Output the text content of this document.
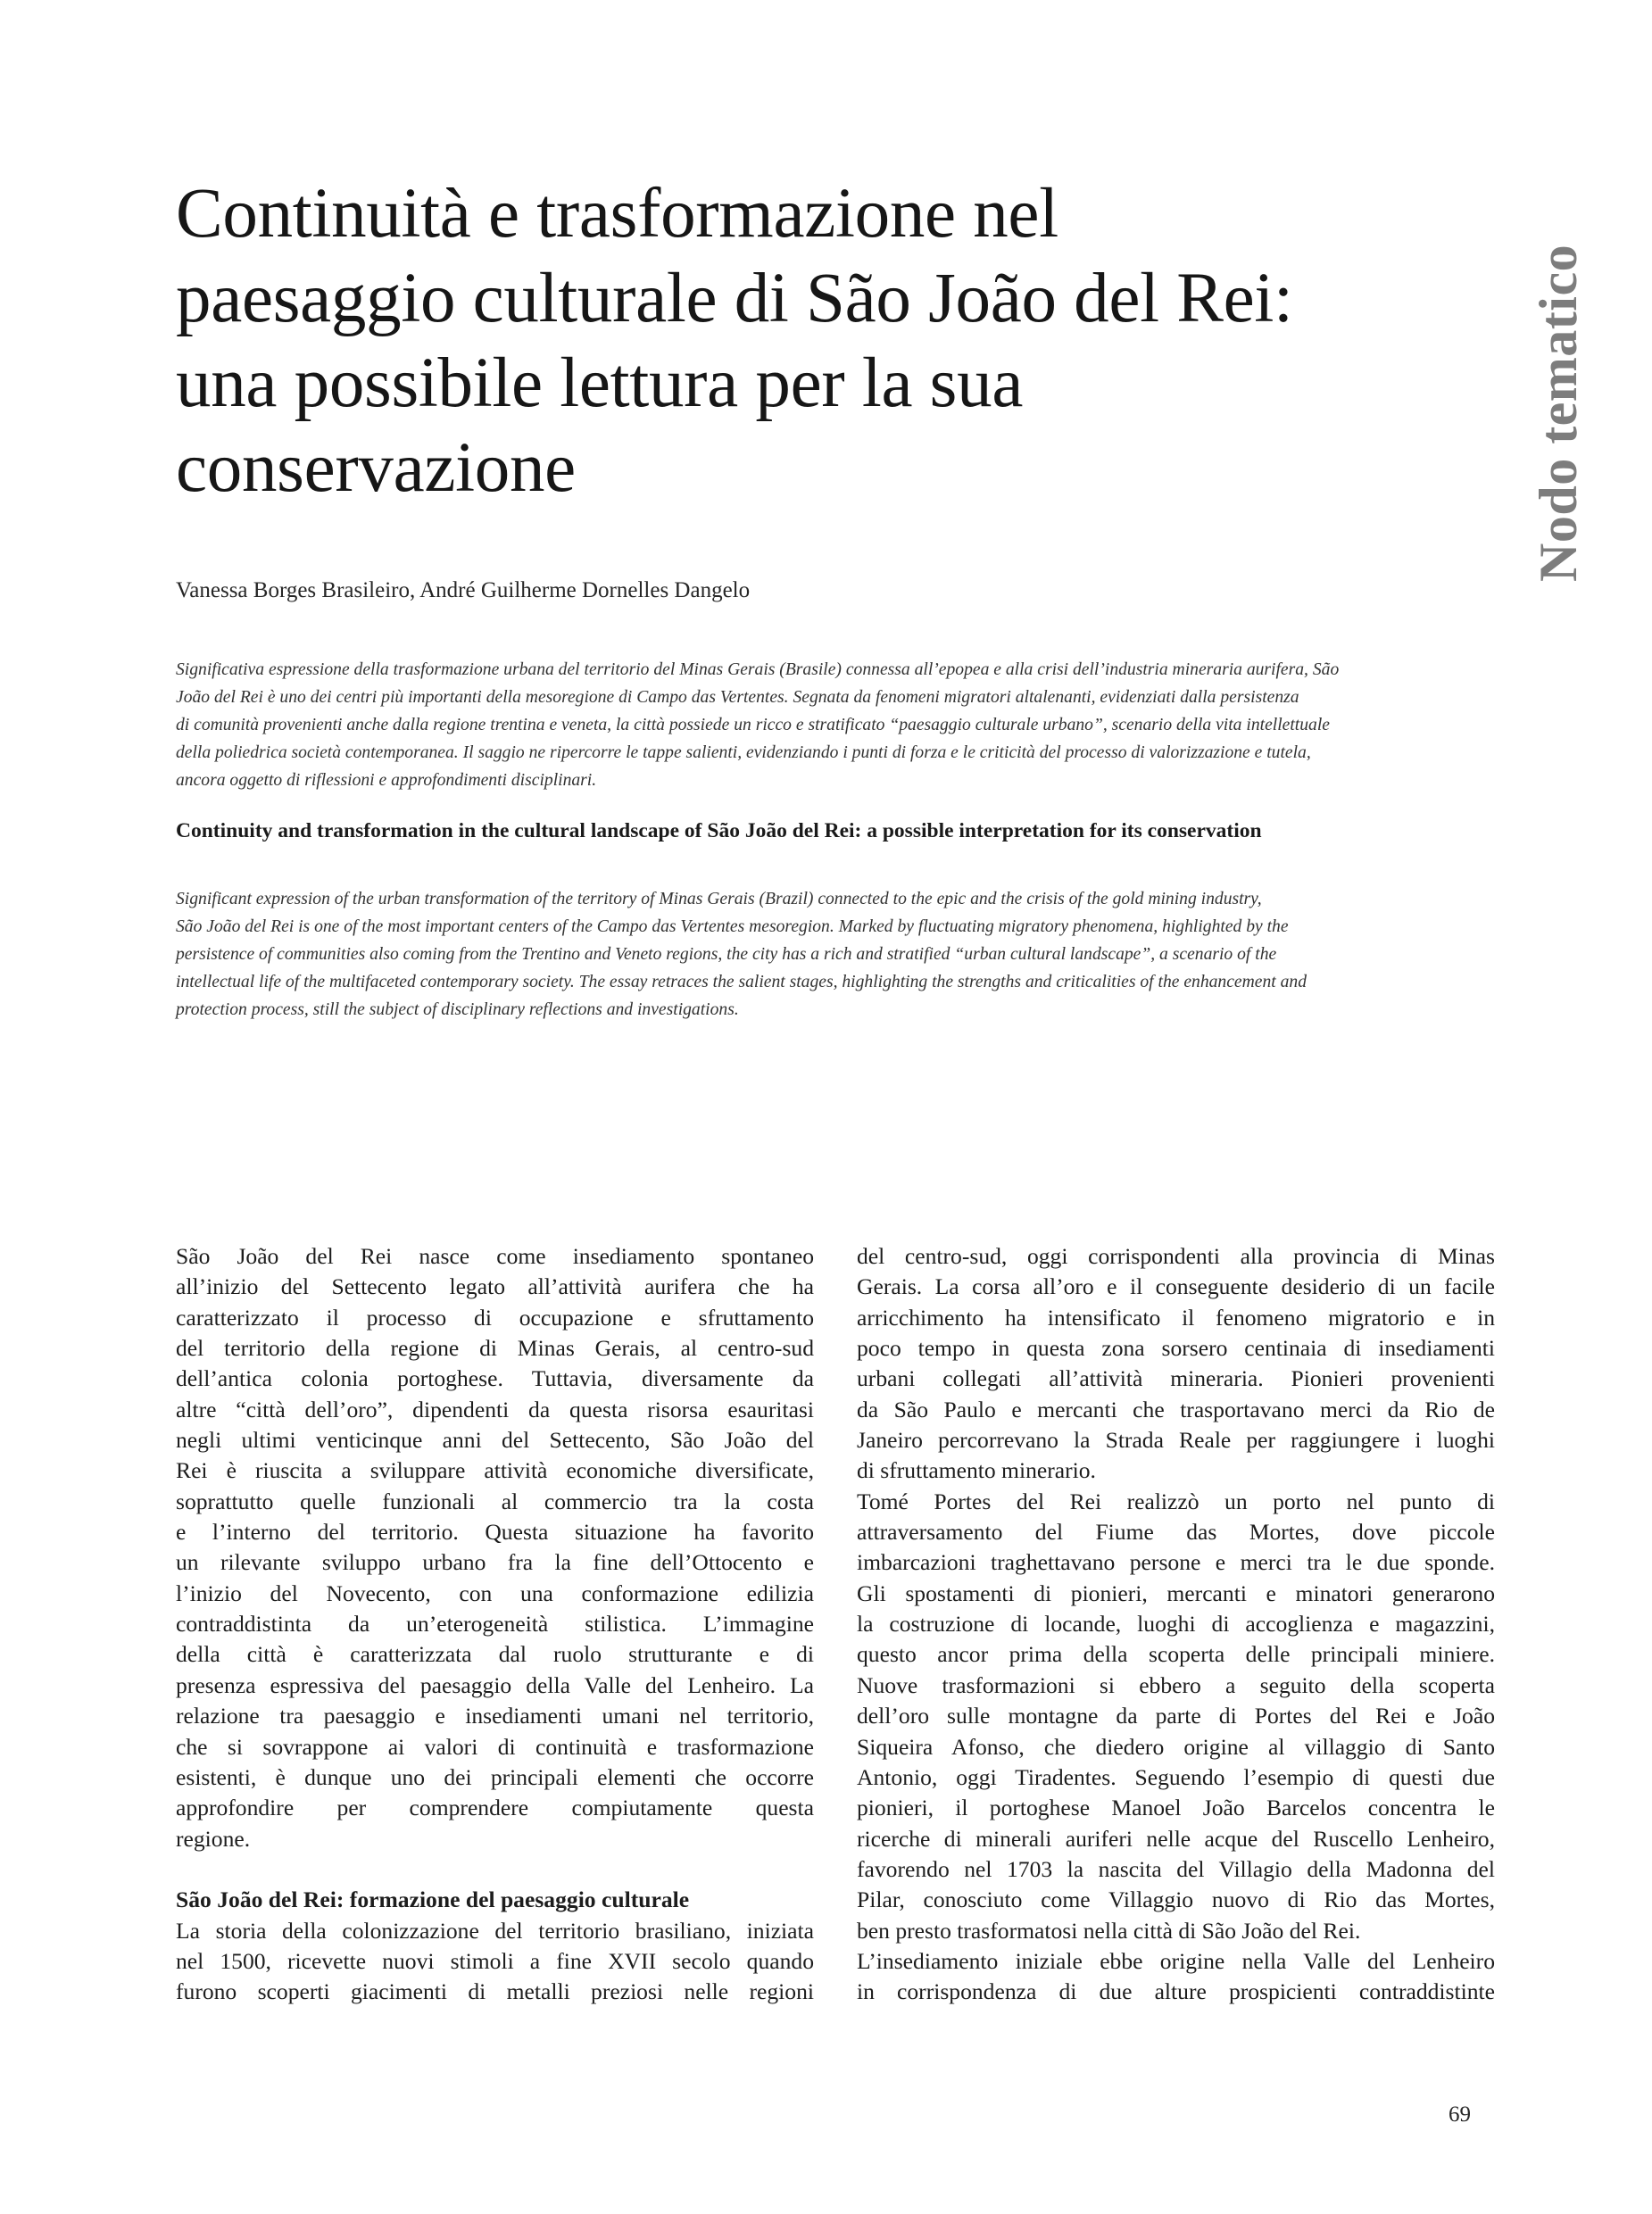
Continuità e trasformazione nel
paesaggio culturale di São João del Rei:
una possibile lettura per la sua
conservazione	Nodo tematico
Vanessa Borges Brasileiro, André Guilherme Dornelles Dangelo
Significativa espressione della trasformazione urbana del territorio del Minas Gerais (Brasile) connessa all’epopea e alla crisi dell’industria mineraria aurifera, São
João del Rei è uno dei centri più importanti della mesoregione di Campo das Vertentes. Segnata da fenomeni migratori altalenanti, evidenziati dalla persistenza
di comunità provenienti anche dalla regione trentina e veneta, la città possiede un ricco e stratificato “paesaggio culturale urbano”, scenario della vita intellettuale
della poliedrica società contemporanea. Il saggio ne ripercorre le tappe salienti, evidenziando i punti di forza e le criticità del processo di valorizzazione e tutela,
ancora oggetto di riflessioni e approfondimenti disciplinari.
Continuity and transformation in the cultural landscape of São João del Rei: a possible interpretation for its conservation
Significant expression of the urban transformation of the territory of Minas Gerais (Brazil) connected to the epic and the crisis of the gold mining industry,
São João del Rei is one of the most important centers of the Campo das Vertentes mesoregion. Marked by fluctuating migratory phenomena, highlighted by the
persistence of communities also coming from the Trentino and Veneto regions, the city has a rich and stratified “urban cultural landscape”, a scenario of the
intellectual life of the multifaceted contemporary society. The essay retraces the salient stages, highlighting the strengths and criticalities of the enhancement and
protection process, still the subject of disciplinary reflections and investigations.
São João del Rei nasce come insediamento spontaneo
all’inizio del Settecento legato all’attività aurifera che ha
caratterizzato il processo di occupazione e sfruttamento
del territorio della regione di Minas Gerais, al centro-sud
dell’antica colonia portoghese. Tuttavia, diversamente da
altre “città dell’oro”, dipendenti da questa risorsa esauritasi
negli ultimi venticinque anni del Settecento, São João del
Rei è riuscita a sviluppare attività economiche diversificate,
soprattutto quelle funzionali al commercio tra la costa
e l’interno del territorio. Questa situazione ha favorito
un rilevante sviluppo urbano fra la fine dell’Ottocento e
l’inizio del Novecento, con una conformazione edilizia
contraddistinta da un’eterogeneità stilistica. L’immagine
della città è caratterizzata dal ruolo strutturante e di
presenza espressiva del paesaggio della Valle del Lenheiro. La
relazione tra paesaggio e insediamenti umani nel territorio,
che si sovrappone ai valori di continuità e trasformazione
esistenti, è dunque uno dei principali elementi che occorre
approfondire per comprendere compiutamente questa
regione.
São João del Rei: formazione del paesaggio culturale
La storia della colonizzazione del territorio brasiliano, iniziata
nel 1500, ricevette nuovi stimoli a fine XVII secolo quando
furono scoperti giacimenti di metalli preziosi nelle regioni
del centro-sud, oggi corrispondenti alla provincia di Minas
Gerais. La corsa all’oro e il conseguente desiderio di un facile
arricchimento ha intensificato il fenomeno migratorio e in
poco tempo in questa zona sorsero centinaia di insediamenti
urbani collegati all’attività mineraria. Pionieri provenienti
da São Paulo e mercanti che trasportavano merci da Rio de
Janeiro percorrevano la Strada Reale per raggiungere i luoghi
di sfruttamento minerario.
Tomé Portes del Rei realizzò un porto nel punto di
attraversamento del Fiume das Mortes, dove piccole
imbarcazioni traghettavano persone e merci tra le due sponde.
Gli spostamenti di pionieri, mercanti e minatori generarono
la costruzione di locande, luoghi di accoglienza e magazzini,
questo ancor prima della scoperta delle principali miniere.
Nuove trasformazioni si ebbero a seguito della scoperta
dell’oro sulle montagne da parte di Portes del Rei e João
Siqueira Afonso, che diedero origine al villaggio di Santo
Antonio, oggi Tiradentes. Seguendo l’esempio di questi due
pionieri, il portoghese Manoel João Barcelos concentra le
ricerche di minerali auriferi nelle acque del Ruscello Lenheiro,
favorendo nel 1703 la nascita del Villagio della Madonna del
Pilar, conosciuto come Villaggio nuovo di Rio das Mortes,
ben presto trasformatosi nella città di São João del Rei.
L’insediamento iniziale ebbe origine nella Valle del Lenheiro
in corrispondenza di due alture prospicienti contraddistinte
69
